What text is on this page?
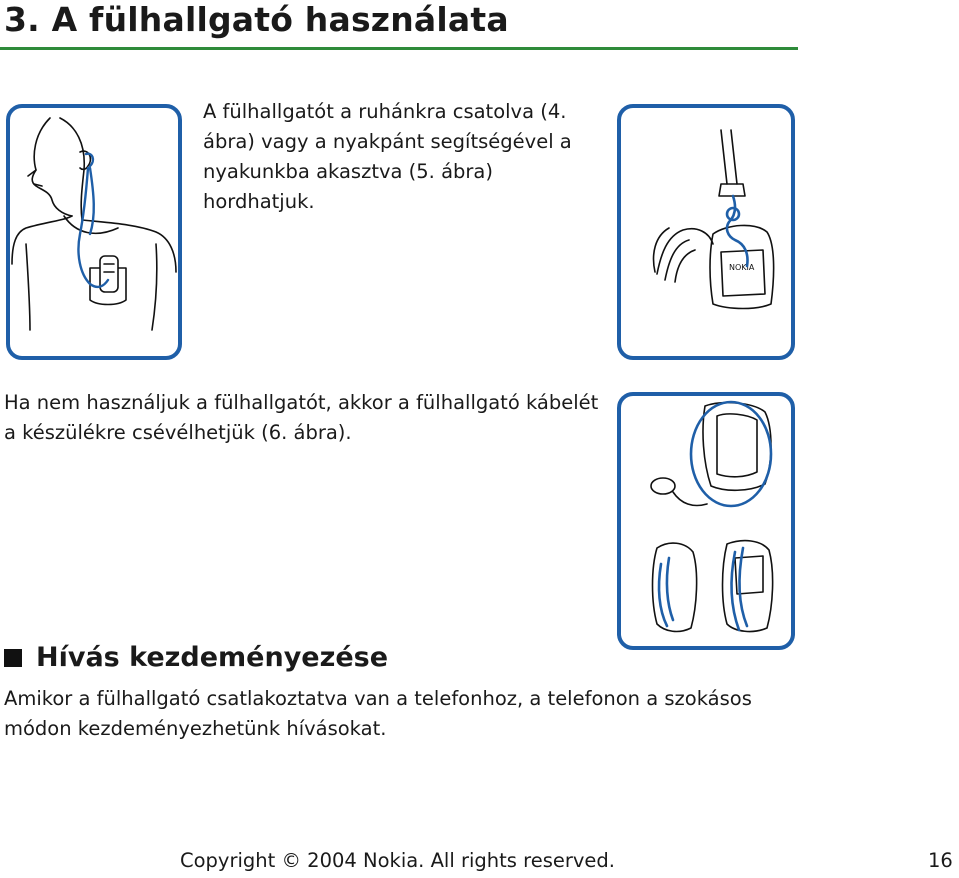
3. A fülhallgató használata
A fülhallgatót a ruhánkra csatolva (4. ábra) vagy a nyakpánt segítségével a nyakunkba akasztva (5. ábra) hordhatjuk.
NOKIA
Ha nem használjuk a fülhallgatót, akkor a fülhallgató kábelét a készülékre csévélhetjük (6. ábra).
Hívás kezdeményezése
Amikor a fülhallgató csatlakoztatva van a telefonhoz, a telefonon a szokásos módon kezdeményezhetünk hívásokat.
Copyright © 2004 Nokia. All rights reserved.	16
